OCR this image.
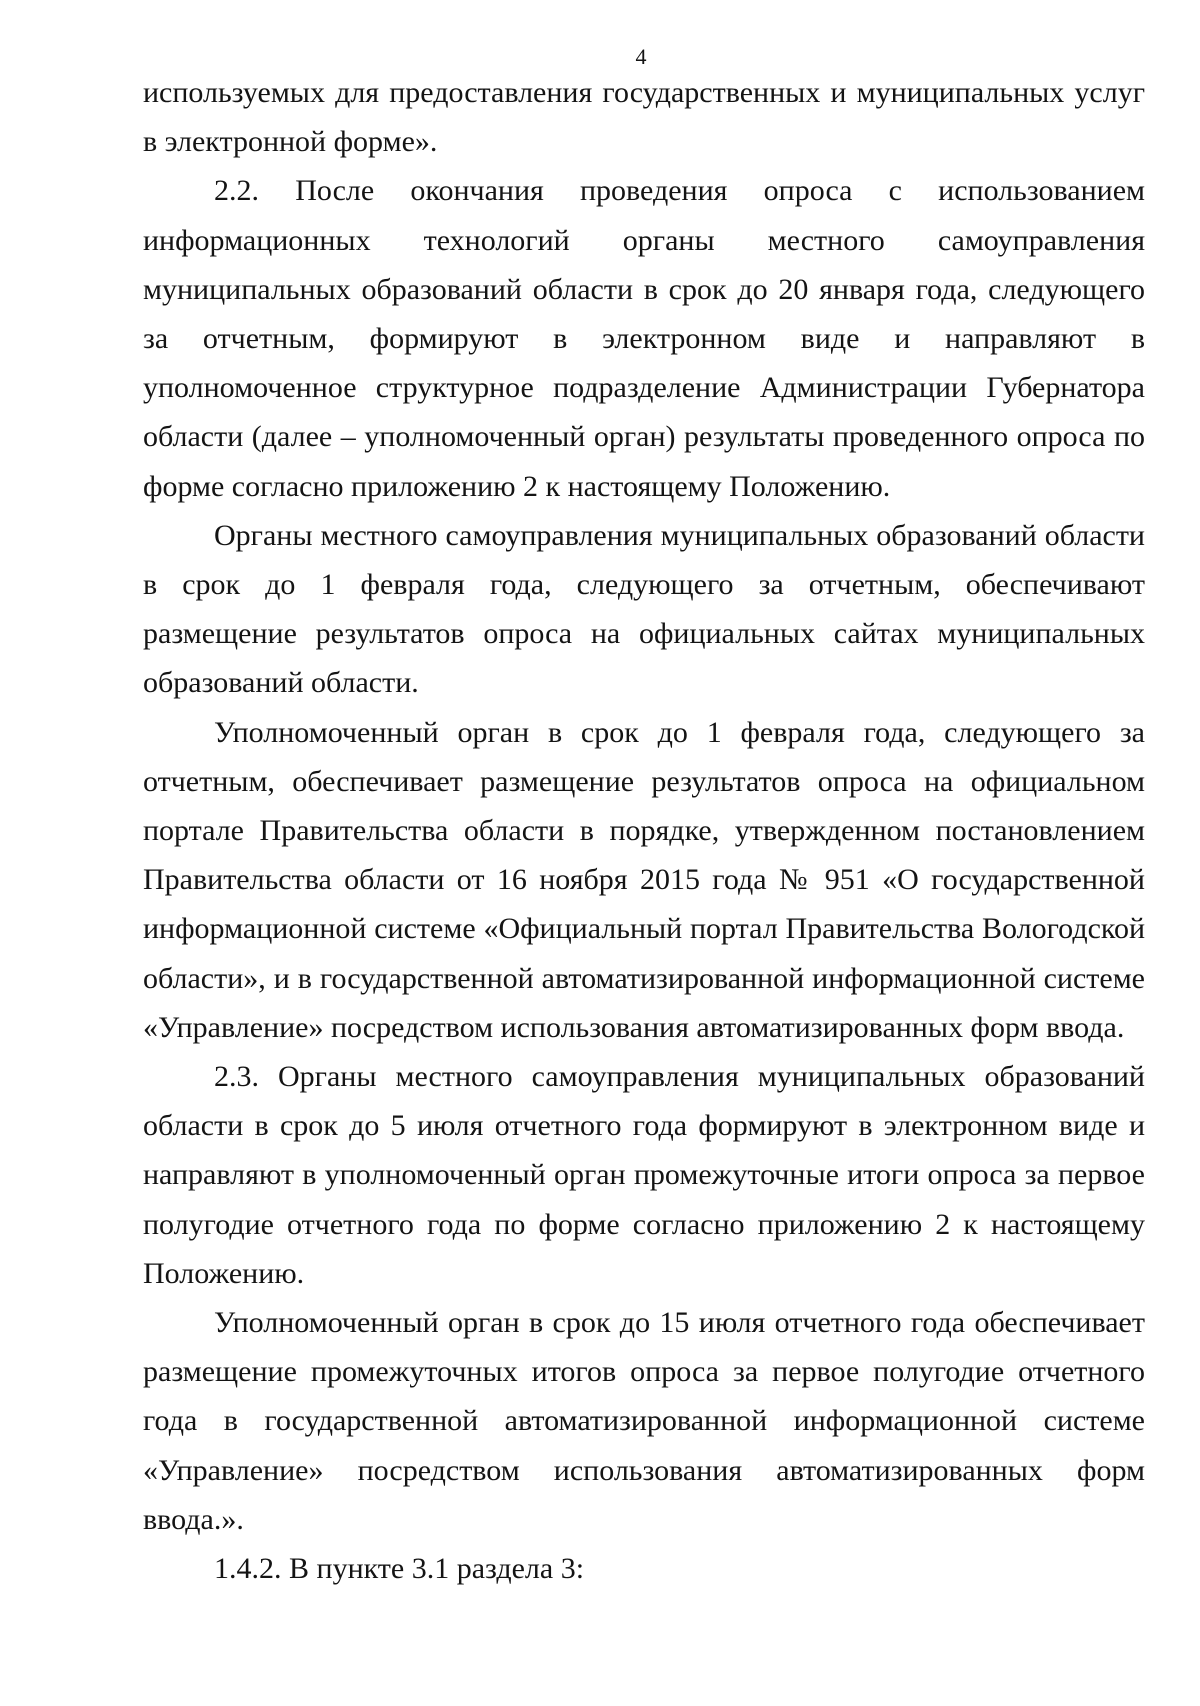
4

используемых для предоставления государственных и муниципальных услуг в электронной форме».

2.2. После окончания проведения опроса с использованием информационных технологий органы местного самоуправления муниципальных образований области в срок до 20 января года, следующего за отчетным, формируют в электронном виде и направляют в уполномоченное структурное подразделение Администрации Губернатора области (далее – уполномоченный орган) результаты проведенного опроса по форме согласно приложению 2 к настоящему Положению.

Органы местного самоуправления муниципальных образований области в срок до 1 февраля года, следующего за отчетным, обеспечивают размещение результатов опроса на официальных сайтах муниципальных образований области.

Уполномоченный орган в срок до 1 февраля года, следующего за отчетным, обеспечивает размещение результатов опроса на официальном портале Правительства области в порядке, утвержденном постановлением Правительства области от 16 ноября 2015 года № 951 «О государственной информационной системе «Официальный портал Правительства Вологодской области», и в государственной автоматизированной информационной системе «Управление» посредством использования автоматизированных форм ввода.

2.3. Органы местного самоуправления муниципальных образований области в срок до 5 июля отчетного года формируют в электронном виде и направляют в уполномоченный орган промежуточные итоги опроса за первое полугодие отчетного года по форме согласно приложению 2 к настоящему Положению.

Уполномоченный орган в срок до 15 июля отчетного года обеспечивает размещение промежуточных итогов опроса за первое полугодие отчетного года в государственной автоматизированной информационной системе «Управление» посредством использования автоматизированных форм ввода.».

1.4.2. В пункте 3.1 раздела 3:
